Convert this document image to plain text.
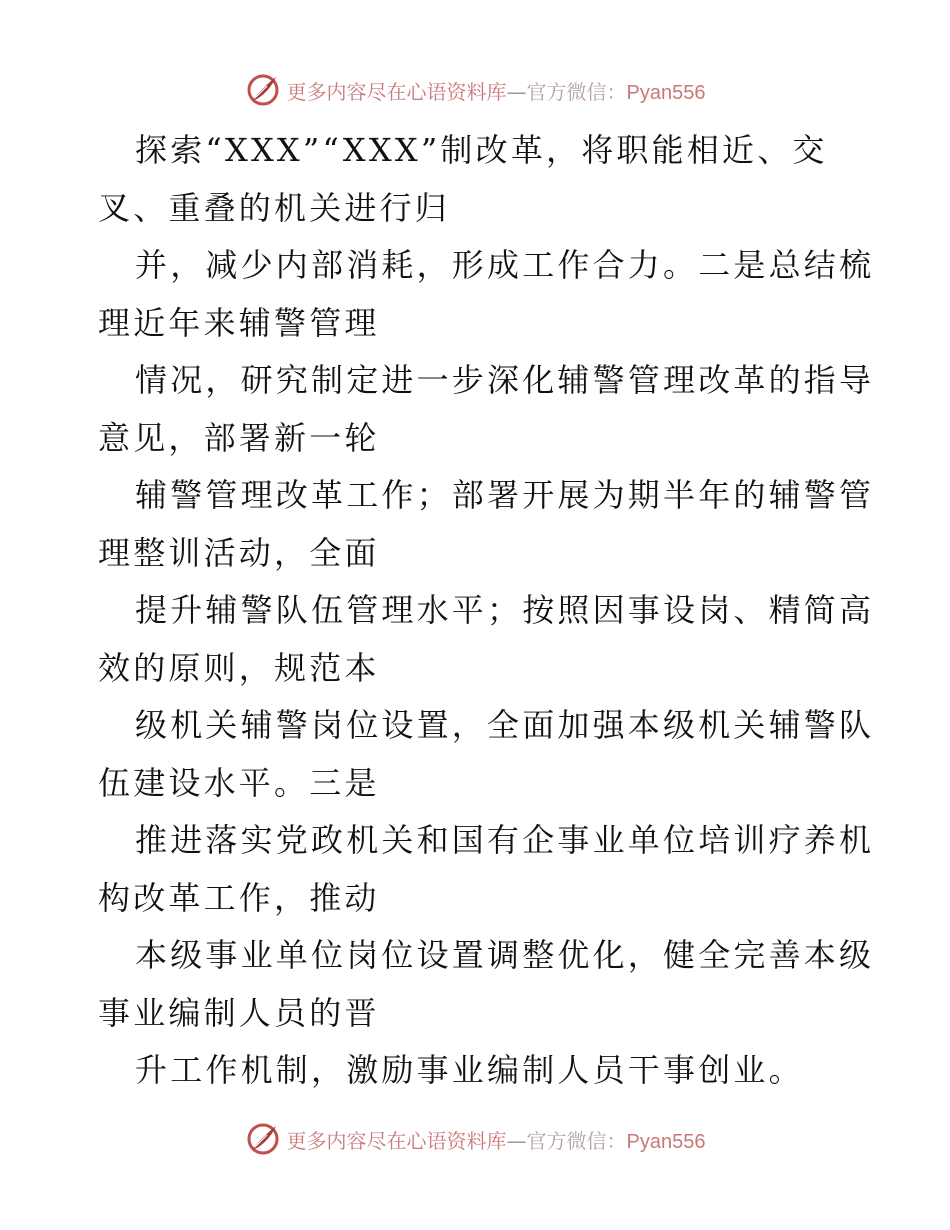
更多内容尽在心语资料库—官方微信：Pyan556
探索“XXX”“XXX”制改革，将职能相近、交
叉、重叠的机关进行归
并，减少内部消耗，形成工作合力。二是总结梳
理近年来辅警管理
情况，研究制定进一步深化辅警管理改革的指导
意见，部署新一轮
辅警管理改革工作；部署开展为期半年的辅警管
理整训活动，全面
提升辅警队伍管理水平；按照因事设岗、精简高
效的原则，规范本
级机关辅警岗位设置，全面加强本级机关辅警队
伍建设水平。三是
推进落实党政机关和国有企事业单位培训疗养机
构改革工作，推动
本级事业单位岗位设置调整优化，健全完善本级
事业编制人员的晋
升工作机制，激励事业编制人员干事创业。
更多内容尽在心语资料库—官方微信：Pyan556
